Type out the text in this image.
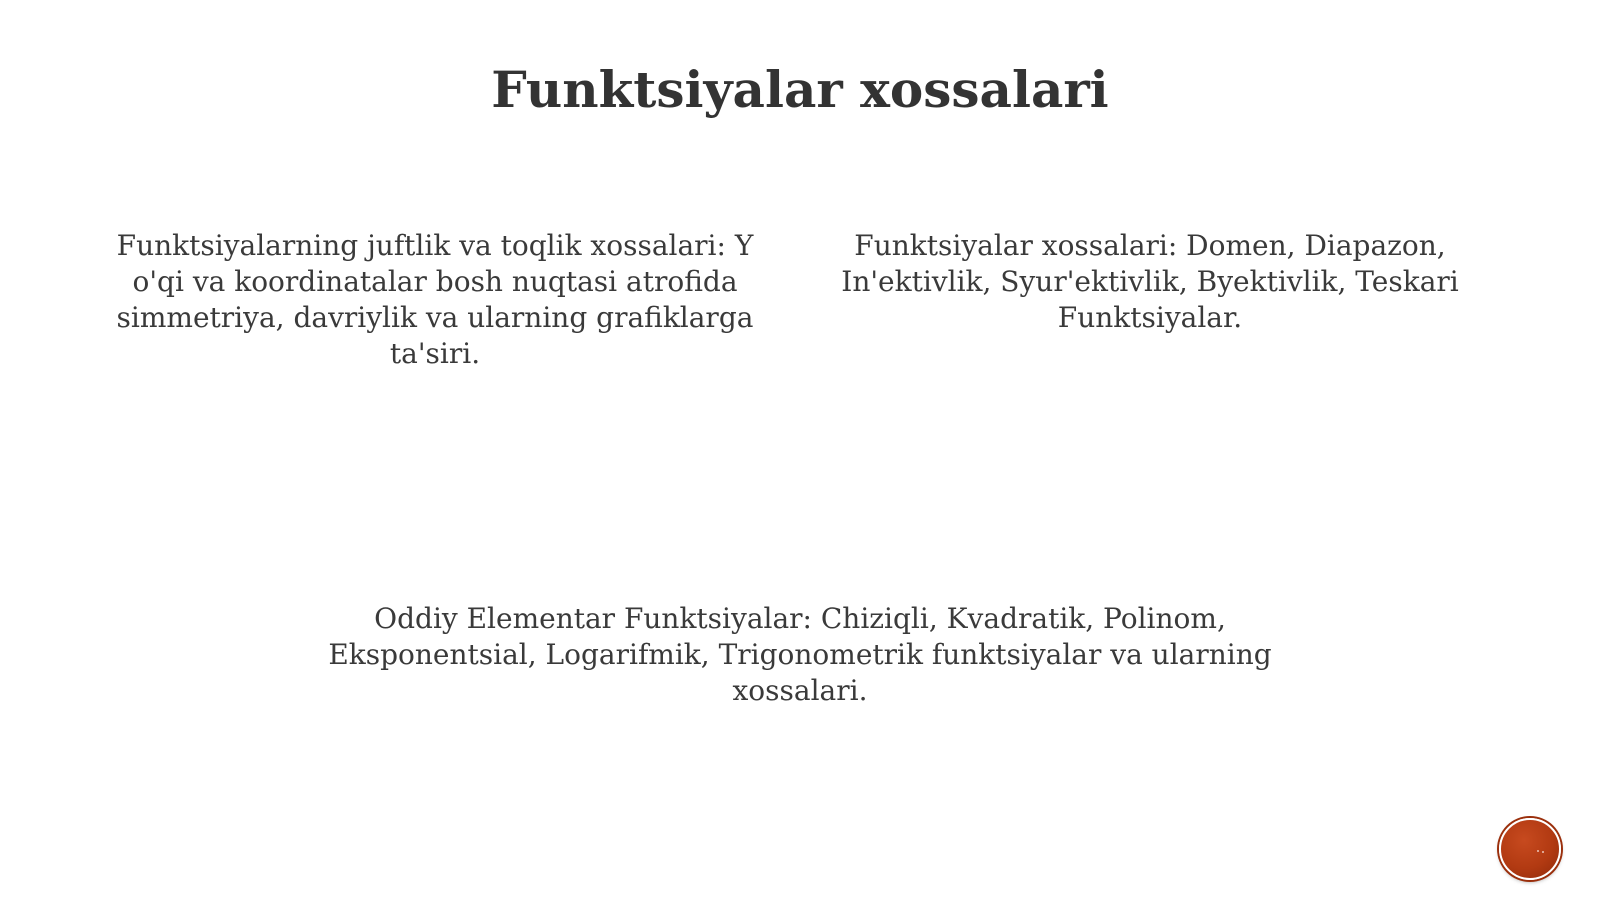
Funktsiyalar xossalari

Funktsiyalarning juftlik va toqlik xossalari: Y o'qi va koordinatalar bosh nuqtasi atrofida simmetriya, davriylik va ularning grafiklarga ta'siri.

Funktsiyalar xossalari: Domen, Diapazon, In'ektivlik, Syur'ektivlik, Byektivlik, Teskari Funktsiyalar.

Oddiy Elementar Funktsiyalar: Chiziqli, Kvadratik, Polinom, Eksponentsial, Logarifmik, Trigonometrik funktsiyalar va ularning xossalari.
